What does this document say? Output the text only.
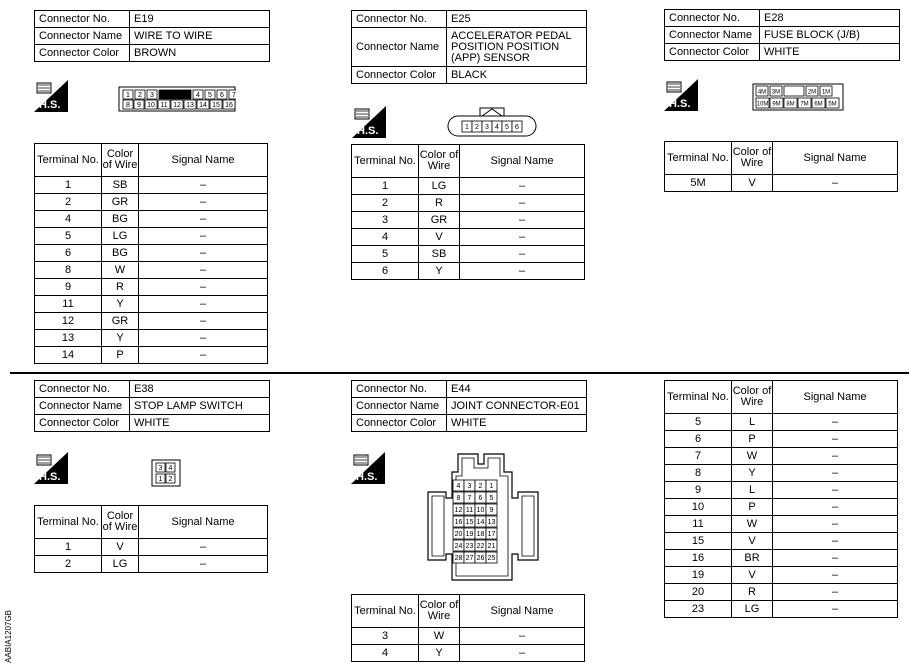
Connector No.	E19
Connector Name	WIRE TO WIRE
Connector Color	BROWN
H.S.
1 2 3	4 5 6 7
8 9 10 11 12 13 14 15 16
Terminal No.	Color of Wire	Signal Name
1	SB	–
2	GR	–
4	BG	–
5	LG	–
6	BG	–
8	W	–
9	R	–
11	Y	–
12	GR	–
13	Y	–
14	P	–
Connector No.	E25
Connector Name	ACCELERATOR PEDAL POSITION POSITION (APP) SENSOR
Connector Color	BLACK
H.S.	1 2 3 4 5 6
Terminal No.	Color of Wire	Signal Name
1	LG	–
2	R	–
3	GR	–
4	V	–
5	SB	–
6	Y	–
Connector No.	E28
Connector Name	FUSE BLOCK (J/B)
Connector Color	WHITE
H.S.
4M 3M	2M 1M
10M 9M 8M 7M 6M 5M
Terminal No.	Color of Wire	Signal Name
5M	V	–
Connector No.	E38
Connector Name	STOP LAMP SWITCH
Connector Color	WHITE
H.S.
3 4
1 2
Terminal No.	Color of Wire	Signal Name
1	V	–
2	LG	–
Connector No.	E44
Connector Name	JOINT CONNECTOR-E01
Connector Color	WHITE
H.S.
4 3 2 1
8 7 6 5
12 11 10 9
16 15 14 13
20 19 18 17
24 23 22 21
28 27 26 25
Terminal No.	Color of Wire	Signal Name
3	W	–
4	Y	–
Terminal No.	Color of Wire	Signal Name
5	L	–
6	P	–
7	W	–
8	Y	–
9	L	–
10	P	–
11	W	–
15	V	–
16	BR	–
19	V	–
20	R	–
23	LG	–
AABIA1207GB
